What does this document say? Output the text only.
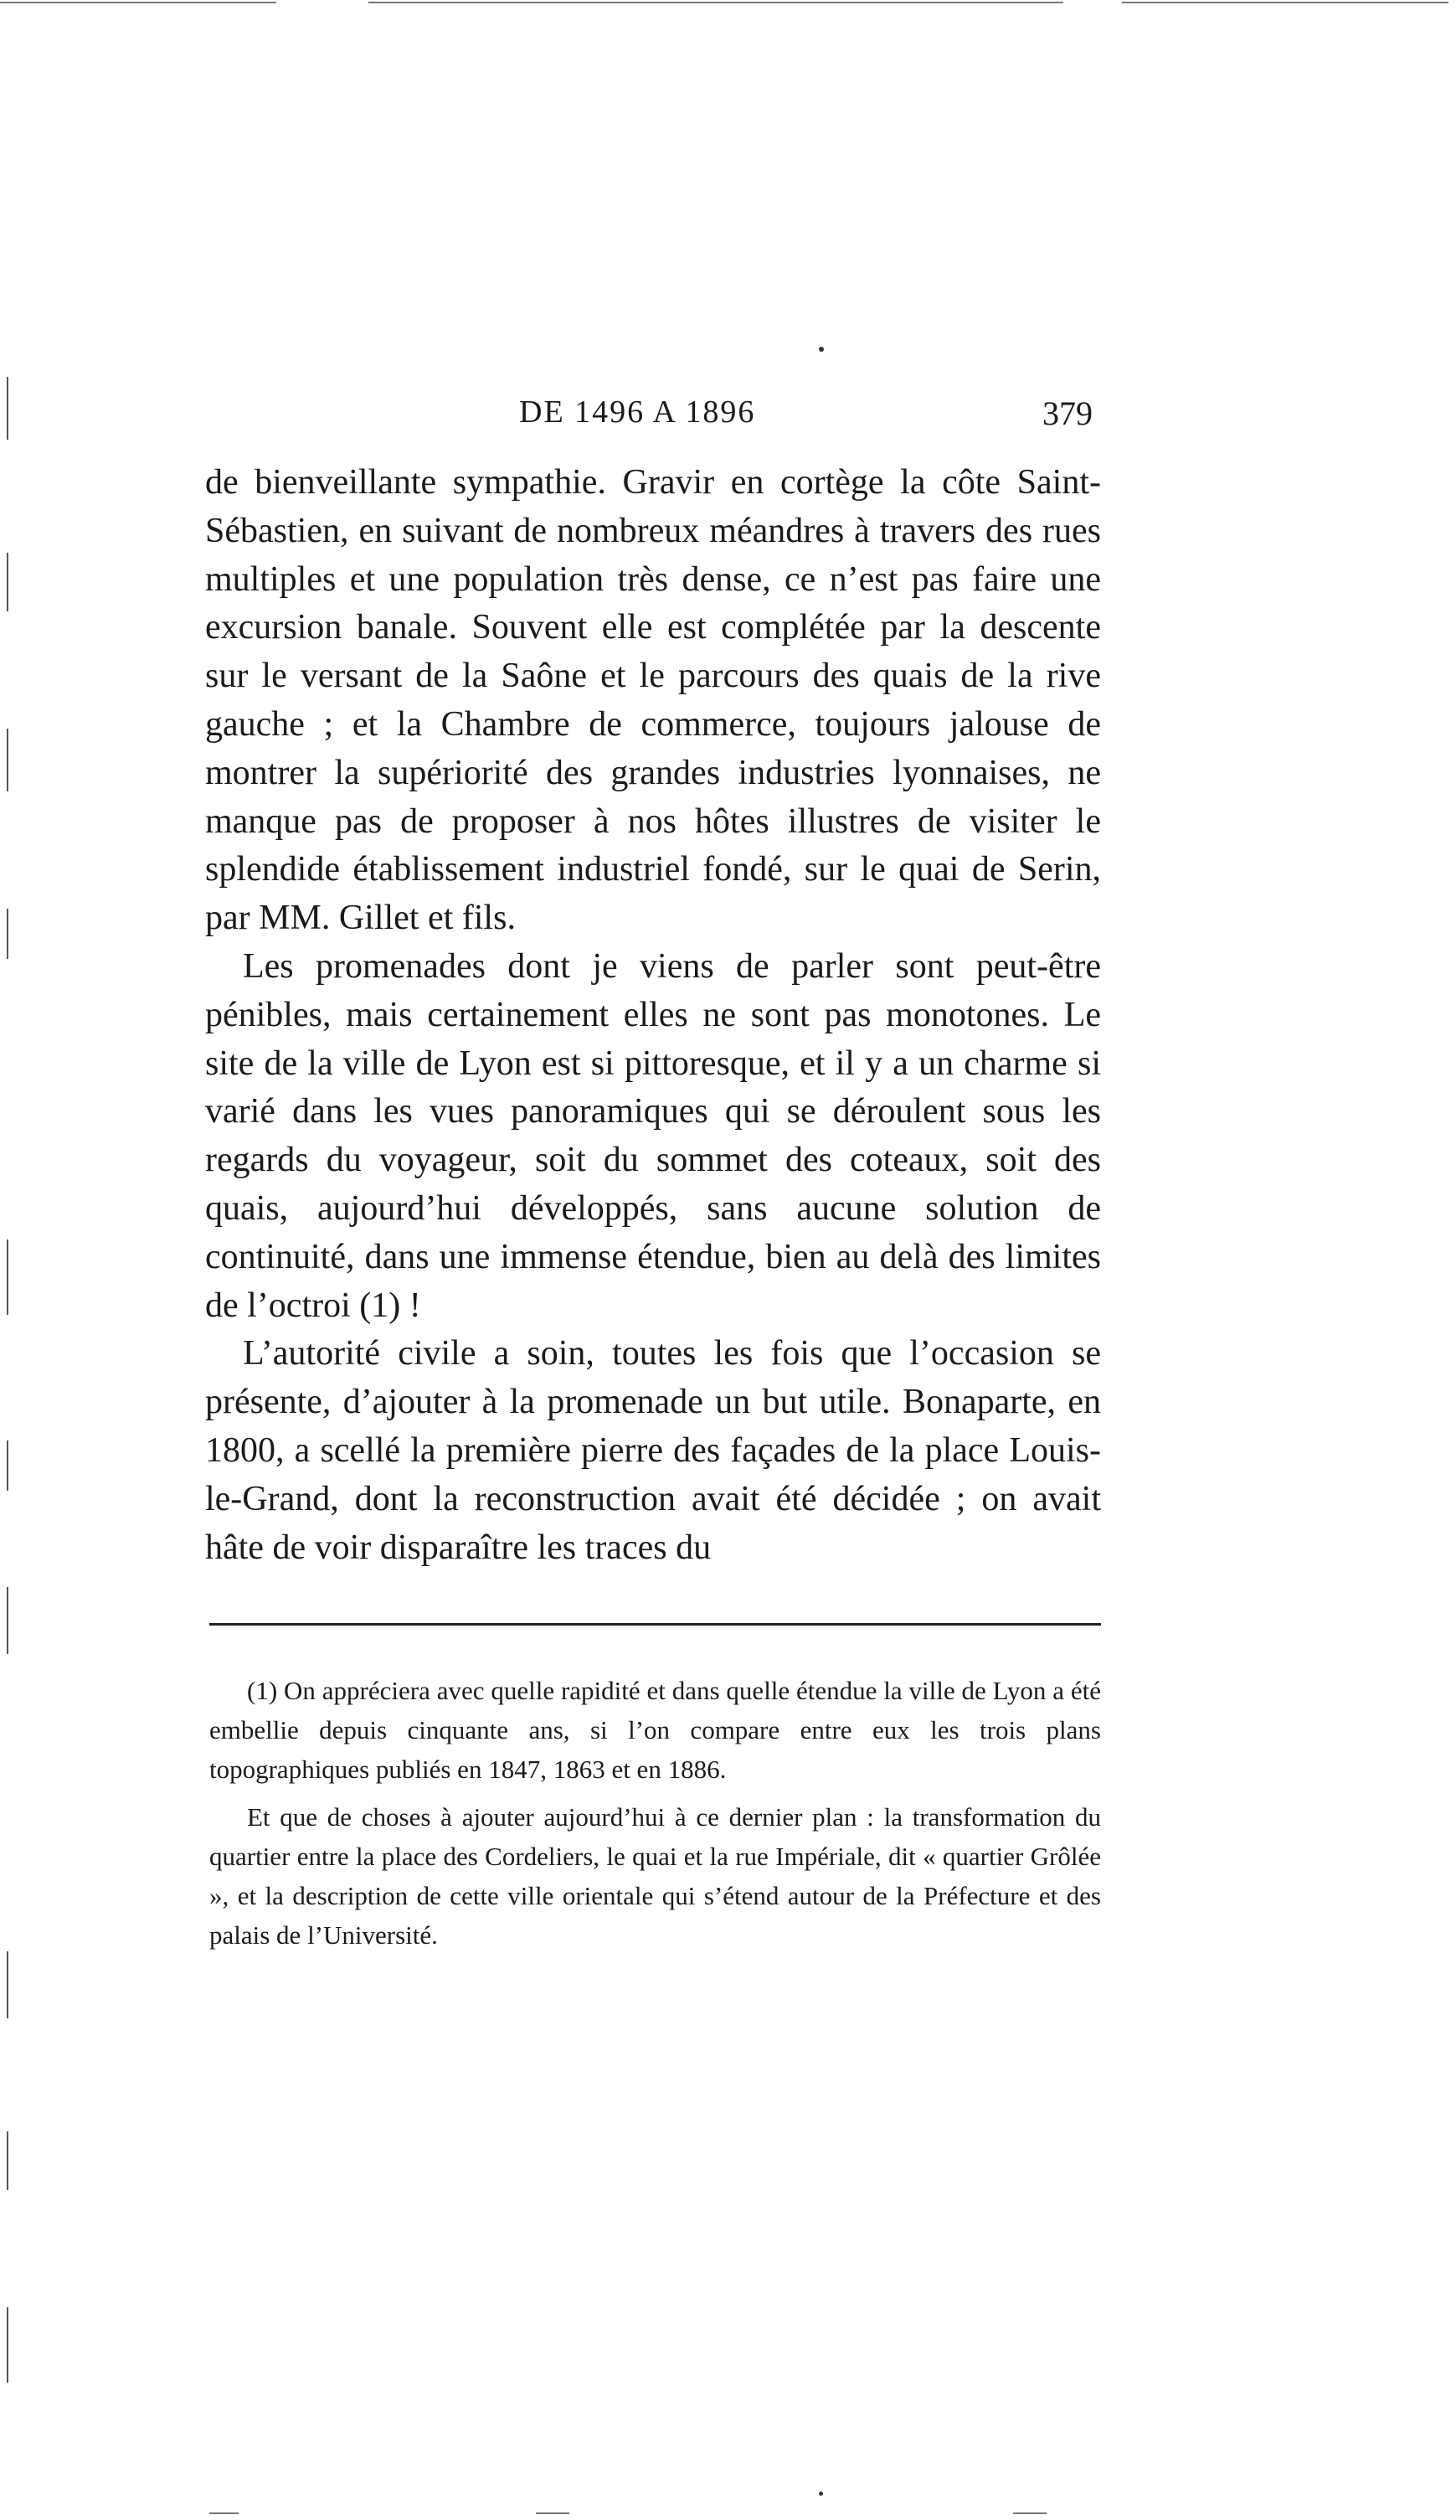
DE 1496 A 1896	379

de bienveillante sympathie. Gravir en cortège la côte Saint-Sébastien, en suivant de nombreux méandres à travers des rues multiples et une population très dense, ce n’est pas faire une excursion banale. Souvent elle est complétée par la descente sur le versant de la Saône et le parcours des quais de la rive gauche ; et la Chambre de commerce, toujours jalouse de montrer la supériorité des grandes industries lyonnaises, ne manque pas de proposer à nos hôtes illustres de visiter le splendide établissement industriel fondé, sur le quai de Serin, par MM. Gillet et fils.

Les promenades dont je viens de parler sont peut-être pénibles, mais certainement elles ne sont pas monotones. Le site de la ville de Lyon est si pittoresque, et il y a un charme si varié dans les vues panoramiques qui se déroulent sous les regards du voyageur, soit du sommet des coteaux, soit des quais, aujourd’hui développés, sans aucune solution de continuité, dans une immense étendue, bien au delà des limites de l’octroi (1) !

L’autorité civile a soin, toutes les fois que l’occasion se présente, d’ajouter à la promenade un but utile. Bonaparte, en 1800, a scellé la première pierre des façades de la place Louis-le-Grand, dont la reconstruction avait été décidée ; on avait hâte de voir disparaître les traces du

(1) On appréciera avec quelle rapidité et dans quelle étendue la ville de Lyon a été embellie depuis cinquante ans, si l’on compare entre eux les trois plans topographiques publiés en 1847, 1863 et en 1886.

Et que de choses à ajouter aujourd’hui à ce dernier plan : la transformation du quartier entre la place des Cordeliers, le quai et la rue Impériale, dit « quartier Grôlée », et la description de cette ville orientale qui s’étend autour de la Préfecture et des palais de l’Université.
